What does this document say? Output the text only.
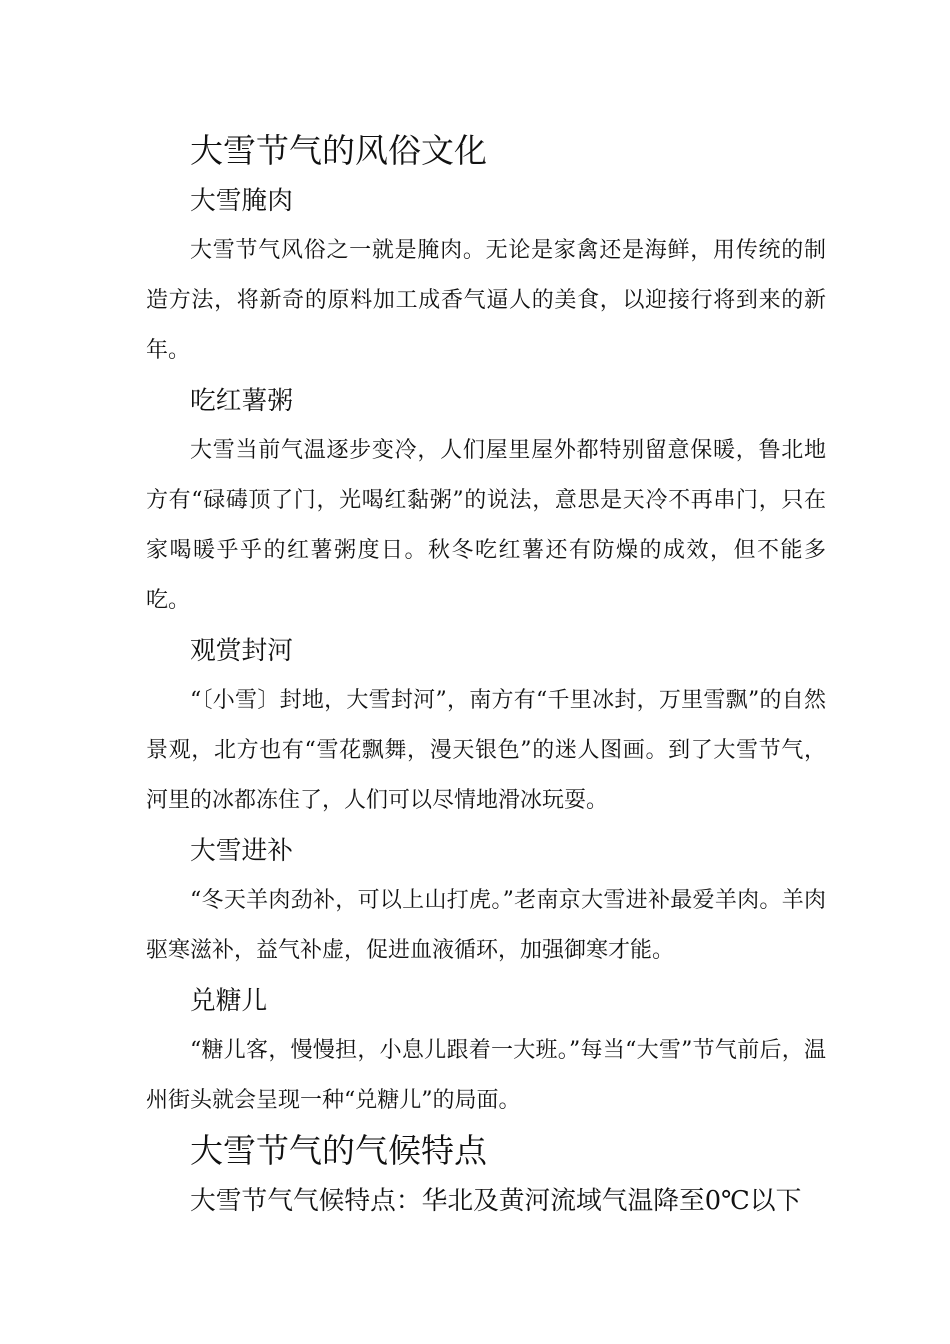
大雪节气的风俗文化
大雪腌肉

大雪节气风俗之一就是腌肉。无论是家禽还是海鲜，用传统的制造方法，将新奇的原料加工成香气逼人的美食，以迎接行将到来的新年。

吃红薯粥

大雪当前气温逐步变冷，人们屋里屋外都特别留意保暖，鲁北地方有“碌碡顶了门，光喝红黏粥”的说法，意思是天冷不再串门，只在家喝暖乎乎的红薯粥度日。秋冬吃红薯还有防燥的成效，但不能多吃。

观赏封河

“〔小雪〕封地，大雪封河”，南方有“千里冰封，万里雪飘”的自然景观，北方也有“雪花飘舞，漫天银色”的迷人图画。到了大雪节气，河里的冰都冻住了，人们可以尽情地滑冰玩耍。

大雪进补

“冬天羊肉劲补，可以上山打虎。”老南京大雪进补最爱羊肉。羊肉驱寒滋补，益气补虚，促进血液循环，加强御寒才能。

兑糖儿

“糖儿客，慢慢担，小息儿跟着一大班。”每当“大雪”节气前后，温州街头就会呈现一种“兑糖儿”的局面。

大雪节气的气候特点
大雪节气气候特点：华北及黄河流域气温降至0℃以下
